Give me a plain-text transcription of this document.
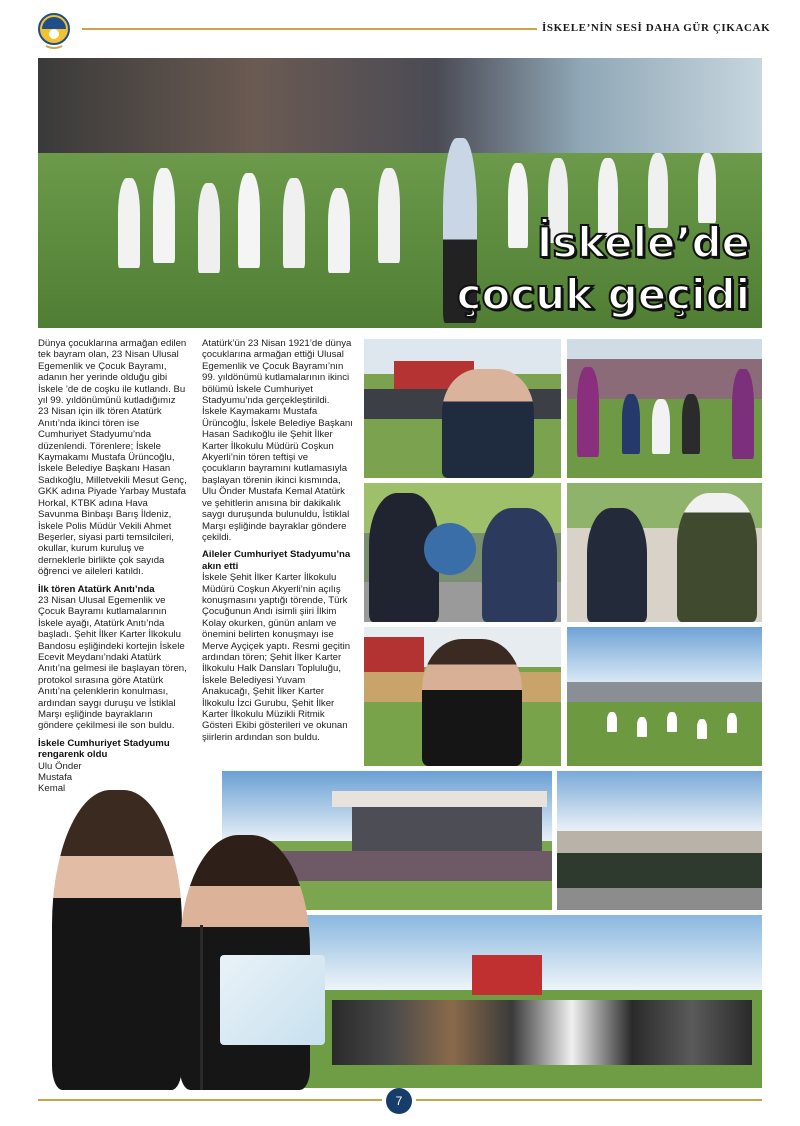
İSKELE’NİN SESİ DAHA GÜR ÇIKACAK
İskele’de
çocuk geçidi

Dünya çocuklarına armağan edilen tek bayram olan, 23 Nisan Ulusal Egemenlik ve Çocuk Bayramı, adanın her yerinde olduğu gibi İskele ’de de coşku ile kutlandı. Bu yıl 99. yıldönümünü kutladığımız 23 Nisan için ilk tören Atatürk Anıtı’nda ikinci tören ise Cumhuriyet Stadyumu’nda düzenlendi. Törenlere; İskele Kaymakamı Mustafa Ürüncoğlu, İskele Belediye Başkanı Hasan Sadıkoğlu, Milletvekili Mesut Genç, GKK adına Piyade Yarbay Mustafa Horkal, KTBK adına Hava Savunma Binbaşı Barış İldeniz, İskele Polis Müdür Vekili Ahmet Beşerler, siyasi parti temsilcileri, okullar, kurum kuruluş ve derneklerle birlikte çok sayıda öğrenci ve aileleri katıldı.

İlk tören Atatürk Anıtı’nda

23 Nisan Ulusal Egemenlik ve Çocuk Bayramı kutlamalarının İskele ayağı, Atatürk Anıtı’nda başladı. Şehit İlker Karter İlkokulu Bandosu eşliğindeki kortejin İskele Ecevit Meydanı’ndaki Atatürk Anıtı’na gelmesi ile başlayan tören, protokol sırasına göre Atatürk Anıtı’na çelenklerin konulması, ardından saygı duruşu ve İstiklal Marşı eşliğinde bayrakların göndere çekilmesi ile son buldu.

İskele Cumhuriyet Stadyumu
rengarenk oldu
Ulu Önder
Mustafa
Kemal

Atatürk’ün 23 Nisan 1921’de dünya çocuklarına armağan ettiği Ulusal Egemenlik ve Çocuk Bayramı’nın 99. yıldönümü kutlamalarının ikinci bölümü İskele Cumhuriyet Stadyumu’nda gerçekleştirildi. İskele Kaymakamı Mustafa Ürüncoğlu, İskele Belediye Başkanı Hasan Sadıkoğlu ile Şehit İlker Karter İlkokulu Müdürü Coşkun Akyerli’nin tören teftişi ve çocukların bayramını kutlamasıyla başlayan törenin ikinci kısmında, Ulu Önder Mustafa Kemal Atatürk ve şehitlerin anısına bir dakikalık saygı duruşunda bulunuldu, İstiklal Marşı eşliğinde bayraklar göndere çekildi.

Aileler Cumhuriyet Stadyumu’na
akın etti

İskele Şehit İlker Karter İlkokulu Müdürü Coşkun Akyerli’nin açılış konuşmasını yaptığı törende, Türk Çocuğunun Andı isimli şiiri İlkim Kolay okurken, günün anlam ve önemini belirten konuşmayı ise Merve Ayçiçek yaptı. Resmi geçitin ardından tören; Şehit İlker Karter İlkokulu Halk Dansları Topluluğu, İskele Belediyesi Yuvam Anakucağı, Şehit İlker Karter İlkokulu İzci Gurubu, Şehit İlker Karter İlkokulu Müzikli Ritmik Gösteri Ekibi gösterileri ve okunan şiirlerin ardından son buldu.

7
